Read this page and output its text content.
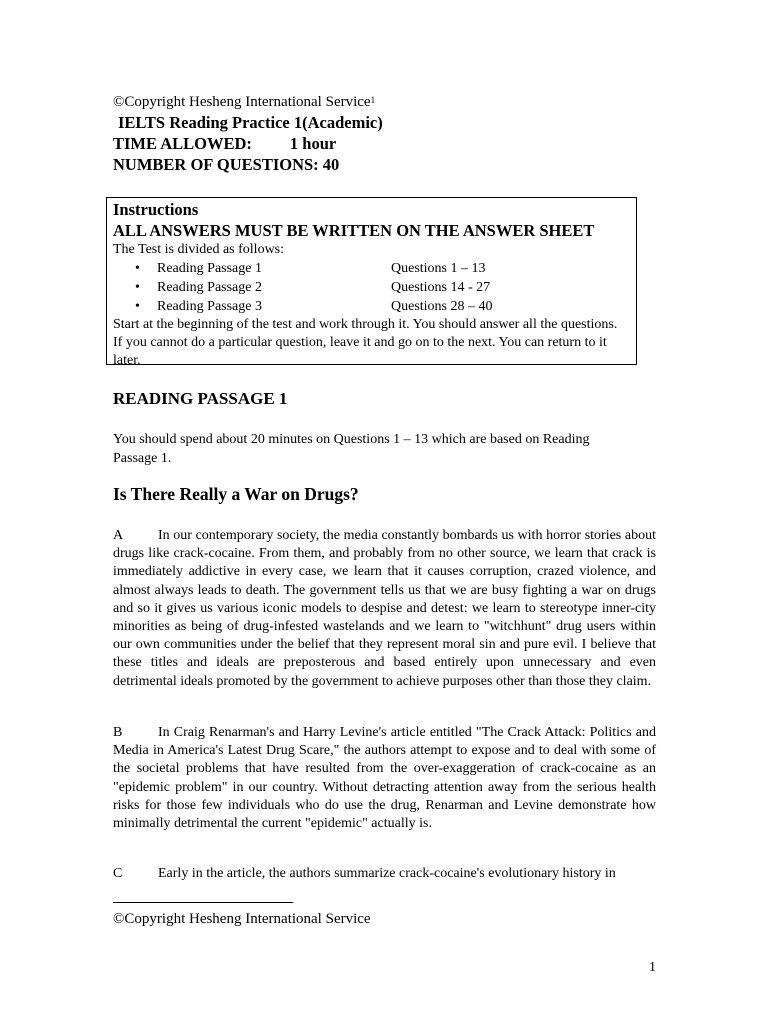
©Copyright Hesheng International Service$^1$
IELTS Reading Practice 1(Academic)
TIME ALLOWED: 1 hour
NUMBER OF QUESTIONS: 40
Instructions
ALL ANSWERS MUST BE WRITTEN ON THE ANSWER SHEET
The Test is divided as follows:
• Reading Passage 1	Questions 1 – 13
• Reading Passage 2	Questions 14 - 27
• Reading Passage 3	Questions 28 – 40
Start at the beginning of the test and work through it. You should answer all the questions. If you cannot do a particular question, leave it and go on to the next. You can return to it later.
READING PASSAGE 1
You should spend about 20 minutes on Questions 1 – 13 which are based on Reading Passage 1.
Is There Really a War on Drugs?
A In our contemporary society, the media constantly bombards us with horror stories about drugs like crack-cocaine. From them, and probably from no other source, we learn that crack is immediately addictive in every case, we learn that it causes corruption, crazed violence, and almost always leads to death. The government tells us that we are busy fighting a war on drugs and so it gives us various iconic models to despise and detest: we learn to stereotype inner-city minorities as being of drug-infested wastelands and we learn to "witchhunt" drug users within our own communities under the belief that they represent moral sin and pure evil. I believe that these titles and ideals are preposterous and based entirely upon unnecessary and even detrimental ideals promoted by the government to achieve purposes other than those they claim.
B	In Craig Renarman's and Harry Levine's article entitled "The Crack Attack: Politics and Media in America's Latest Drug Scare," the authors attempt to expose and to deal with some of the societal problems that have resulted from the over-exaggeration of crack-cocaine as an "epidemic problem" in our country. Without detracting attention away from the serious health risks for those few individuals who do use the drug, Renarman and Levine demonstrate how minimally detrimental the current "epidemic" actually is.
C	Early in the article, the authors summarize crack-cocaine's evolutionary history in
©Copyright Hesheng International Service
1
